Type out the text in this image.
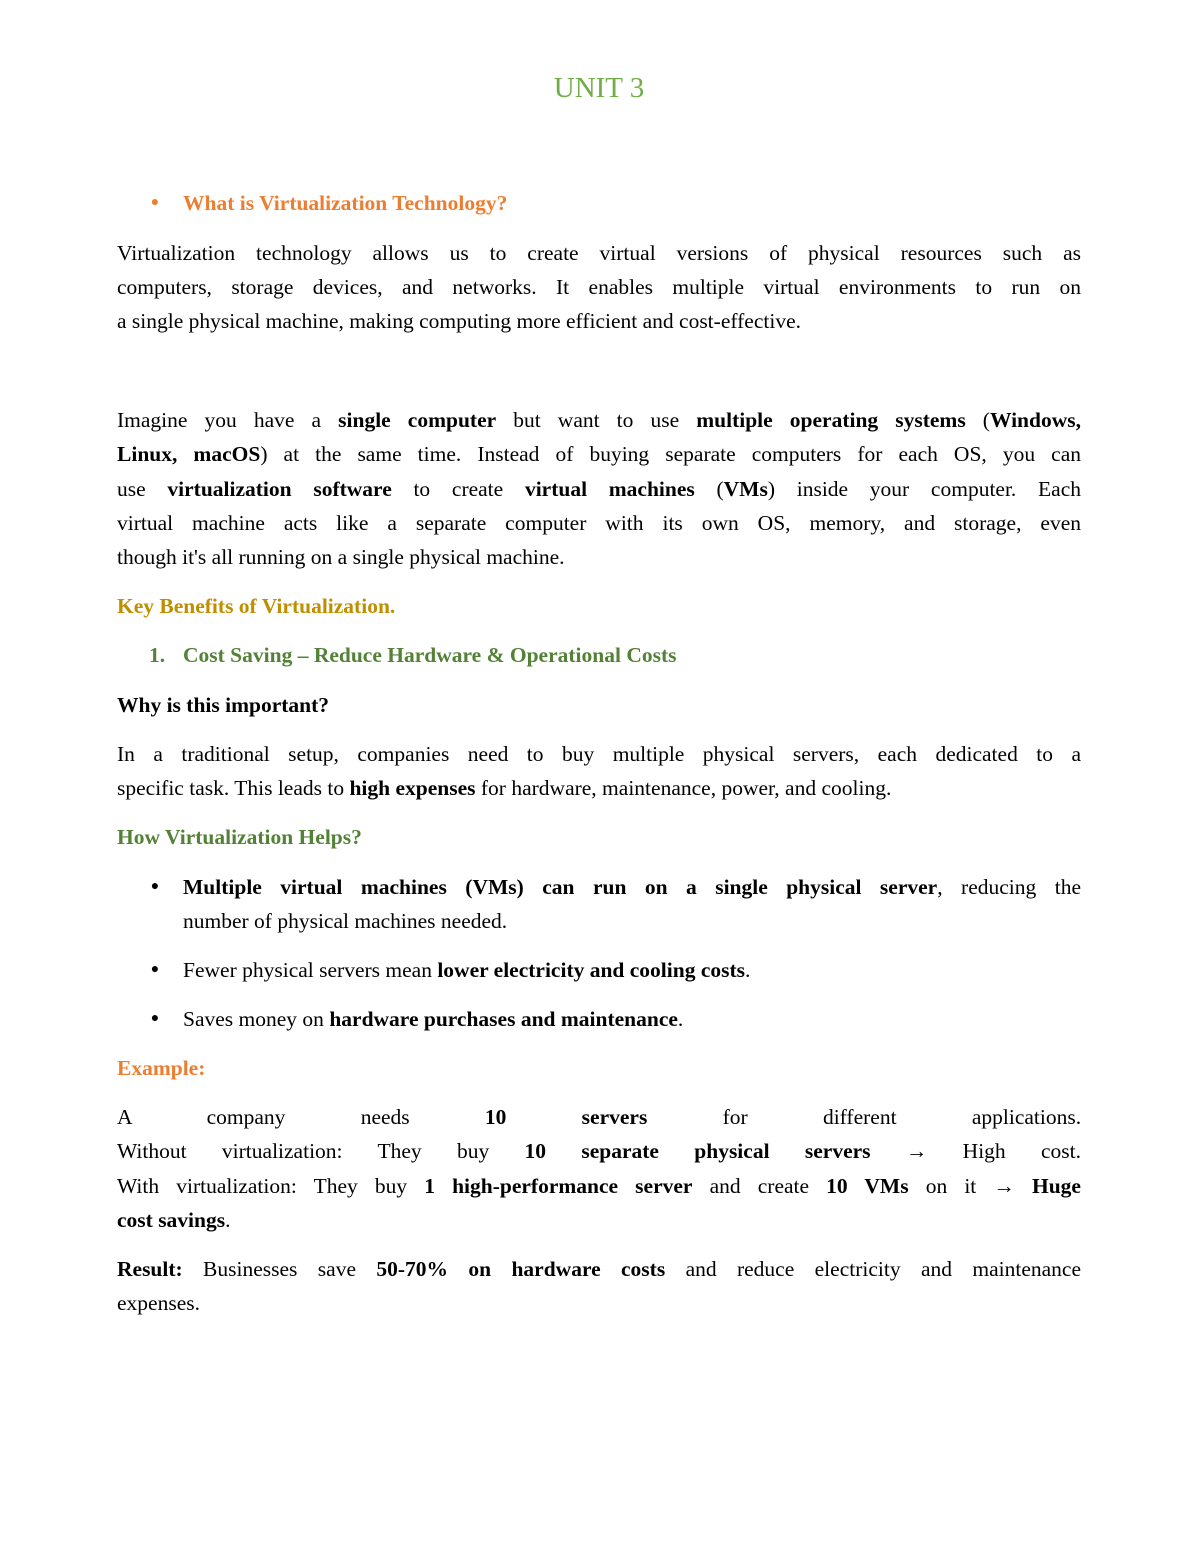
UNIT 3
● What is Virtualization Technology?
Virtualization technology allows us to create virtual versions of physical resources such as
computers, storage devices, and networks. It enables multiple virtual environments to run on
a single physical machine, making computing more efficient and cost-effective.
Imagine you have a single computer but want to use multiple operating systems (Windows,
Linux, macOS) at the same time. Instead of buying separate computers for each OS, you can
use virtualization software to create virtual machines (VMs) inside your computer. Each
virtual machine acts like a separate computer with its own OS, memory, and storage, even
though it's all running on a single physical machine.
Key Benefits of Virtualization.
1. Cost Saving – Reduce Hardware & Operational Costs
Why is this important?
In a traditional setup, companies need to buy multiple physical servers, each dedicated to a
specific task. This leads to high expenses for hardware, maintenance, power, and cooling.
How Virtualization Helps?
● Multiple virtual machines (VMs) can run on a single physical server, reducing the
number of physical machines needed.
● Fewer physical servers mean lower electricity and cooling costs.
● Saves money on hardware purchases and maintenance.
Example:
A	company	needs	10	servers	for	different	applications.
Without virtualization: They buy 10 separate physical servers → High cost.
With virtualization: They buy 1 high-performance server and create 10 VMs on it → Huge
cost savings.
Result: Businesses save 50-70% on hardware costs and reduce electricity and maintenance
expenses.
